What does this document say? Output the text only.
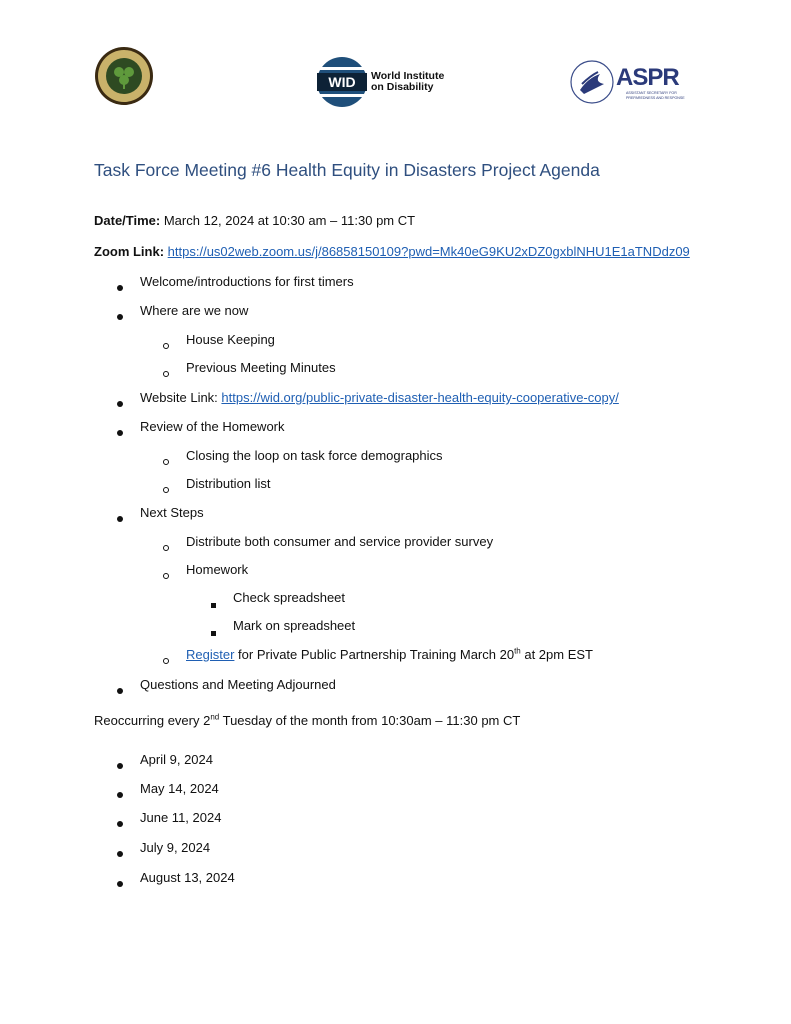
WID World Institute
on Disability	ASPR
ASSISTANT SECRETARY FOR PREPAREDNESS AND RESPONSE
Task Force Meeting #6 Health Equity in Disasters Project Agenda
Date/Time: March 12, 2024 at 10:30 am – 11:30 pm CT
Zoom Link: https://us02web.zoom.us/j/86858150109?pwd=Mk40eG9KU2xDZ0gxblNHU1E1aTNDdz09
Welcome/introductions for first timers
Where are we now
House Keeping
Previous Meeting Minutes
Website Link: https://wid.org/public-private-disaster-health-equity-cooperative-copy/
Review of the Homework
Closing the loop on task force demographics
Distribution list
Next Steps
Distribute both consumer and service provider survey
Homework
Check spreadsheet
Mark on spreadsheet
Register for Private Public Partnership Training March 20th at 2pm EST
Questions and Meeting Adjourned
Reoccurring every 2nd Tuesday of the month from 10:30am – 11:30 pm CT
April 9, 2024
May 14, 2024
June 11, 2024
July 9, 2024
August 13, 2024
